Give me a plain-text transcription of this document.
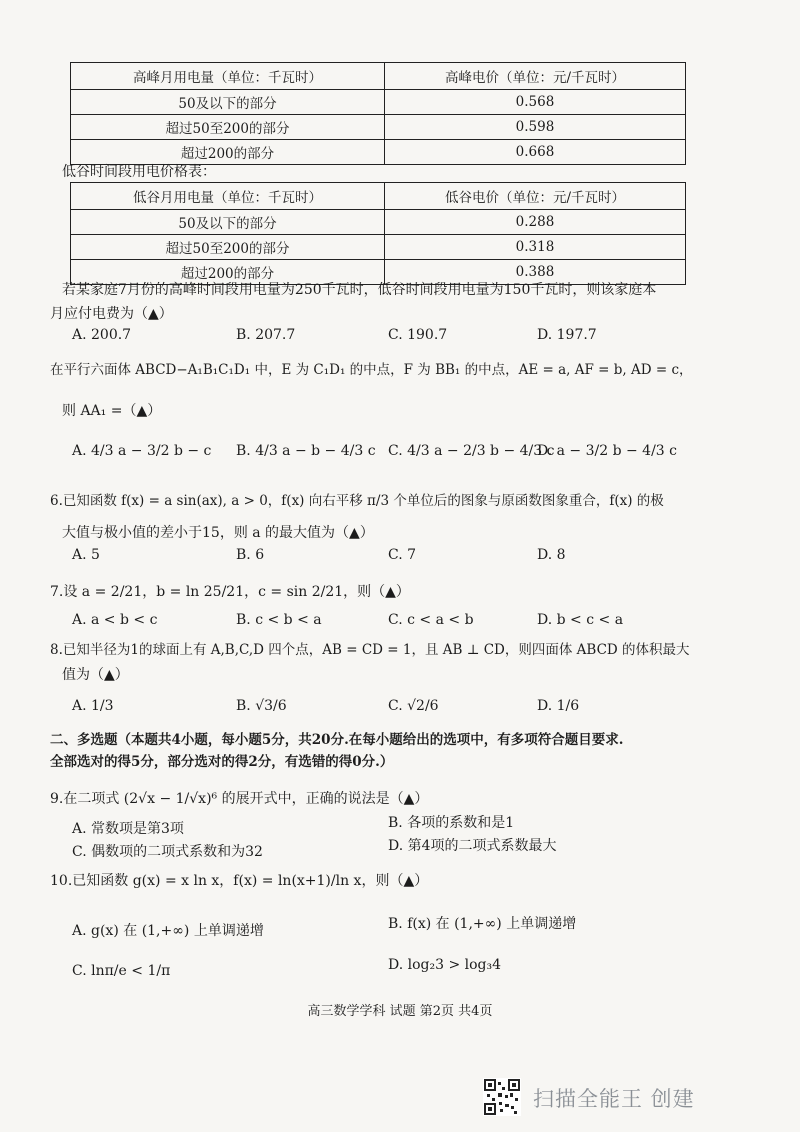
高峰月用电量（单位：千瓦时）	高峰电价（单位：元/千瓦时）
50及以下的部分	0.568
超过50至200的部分	0.598
超过200的部分	0.668
低谷时间段用电价格表：
低谷月用电量（单位：千瓦时）	低谷电价（单位：元/千瓦时）
50及以下的部分	0.288
超过50至200的部分	0.318
超过200的部分	0.388
若某家庭7月份的高峰时间段用电量为250千瓦时，低谷时间段用电量为150千瓦时，则该家庭本
月应付电费为（▲）
A. 200.7	B. 207.7	C. 190.7	D. 197.7
在平行六面体 ABCD−A₁B₁C₁D₁ 中，E 为 C₁D₁ 的中点，F 为 BB₁ 的中点，AE = a, AF = b, AD = c，
则 AA₁ =（▲）
A. 4/3 a − 3/2 b − c B. 4/3 a − b − 4/3 c C. 4/3 a − 2/3 b − 4/3 c
D. a − 3/2 b − 4/3 c
6.已知函数 f(x) = a sin(ax), a > 0，f(x) 向右平移 π/3 个单位后的图象与原函数图象重合，f(x) 的极
大值与极小值的差小于15，则 a 的最大值为（▲）
A. 5	B. 6	C. 7	D. 8
7.设 a = 2/21，b = ln 25/21，c = sin 2/21，则（▲）
A. a < b < c	B. c < b < a	C. c < a < b	D. b < c < a
8.已知半径为1的球面上有 A,B,C,D 四个点，AB = CD = 1，且 AB ⊥ CD，则四面体 ABCD 的体积最大
值为（▲）
A. 1/3	B. √3/6	C. √2/6	D. 1/6
二、多选题（本题共4小题，每小题5分，共20分.在每小题给出的选项中，有多项符合题目要求.
全部选对的得5分，部分选对的得2分，有选错的得0分.）
9.在二项式 (2√x − 1/√x)⁶ 的展开式中，正确的说法是（▲）
A. 常数项是第3项	B. 各项的系数和是1
C. 偶数项的二项式系数和为32	D. 第4项的二项式系数最大
10.已知函数 g(x) = x ln x，f(x) = ln(x+1)/ln x，则（▲）
A. g(x) 在 (1,+∞) 上单调递增	B. f(x) 在 (1,+∞) 上单调递增
C. lnπ/e < 1/π	D. log₂3 > log₃4
高三数学学科 试题 第2页 共4页
扫描全能王 创建
